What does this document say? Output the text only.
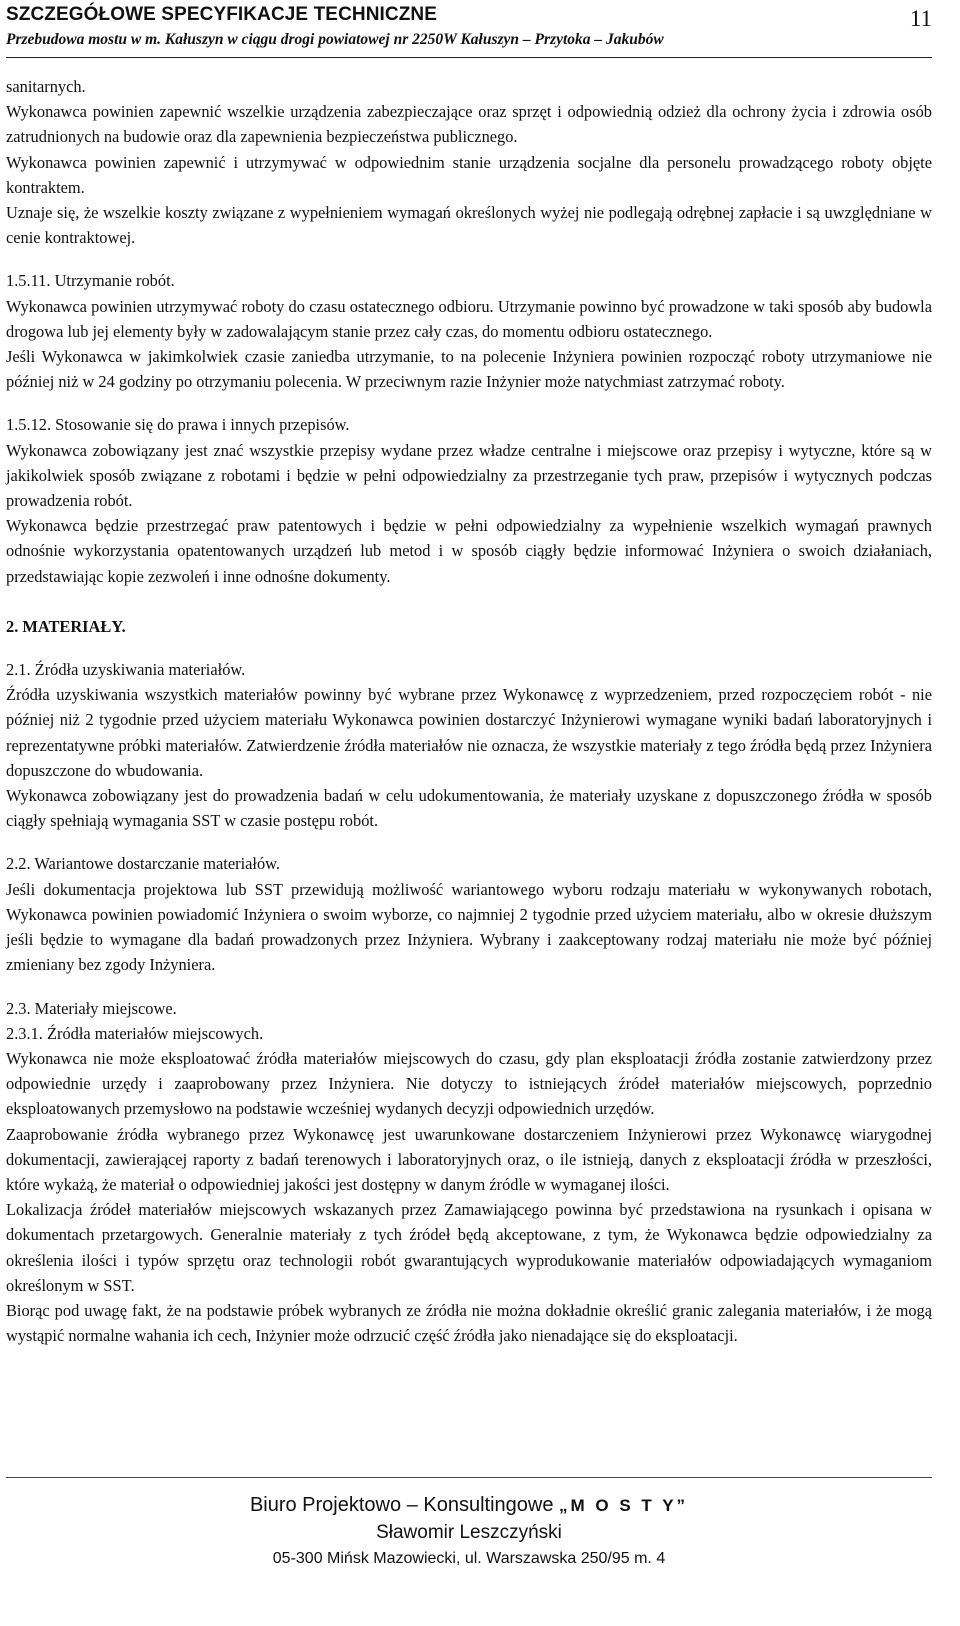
SZCZEGÓŁOWE SPECYFIKACJE TECHNICZNE
Przebudowa mostu w m. Kałuszyn w ciągu drogi powiatowej nr 2250W Kałuszyn – Przytoka – Jakubów
11

sanitarnych.

Wykonawca powinien zapewnić wszelkie urządzenia zabezpieczające oraz sprzęt i odpowiednią odzież dla ochrony życia i zdrowia osób zatrudnionych na budowie oraz dla zapewnienia bezpieczeństwa publicznego.

Wykonawca powinien zapewnić i utrzymywać w odpowiednim stanie urządzenia socjalne dla personelu prowadzącego roboty objęte kontraktem.

Uznaje się, że wszelkie koszty związane z wypełnieniem wymagań określonych wyżej nie podlegają odrębnej zapłacie i są uwzględniane w cenie kontraktowej.

1.5.11. Utrzymanie robót.

Wykonawca powinien utrzymywać roboty do czasu ostatecznego odbioru. Utrzymanie powinno być prowadzone w taki sposób aby budowla drogowa lub jej elementy były w zadowalającym stanie przez cały czas, do momentu odbioru ostatecznego.

Jeśli Wykonawca w jakimkolwiek czasie zaniedba utrzymanie, to na polecenie Inżyniera powinien rozpocząć roboty utrzymaniowe nie później niż w 24 godziny po otrzymaniu polecenia. W przeciwnym razie Inżynier może natychmiast zatrzymać roboty.

1.5.12. Stosowanie się do prawa i innych przepisów.

Wykonawca zobowiązany jest znać wszystkie przepisy wydane przez władze centralne i miejscowe oraz przepisy i wytyczne, które są w jakikolwiek sposób związane z robotami i będzie w pełni odpowiedzialny za przestrzeganie tych praw, przepisów i wytycznych podczas prowadzenia robót.

Wykonawca będzie przestrzegać praw patentowych i będzie w pełni odpowiedzialny za wypełnienie wszelkich wymagań prawnych odnośnie wykorzystania opatentowanych urządzeń lub metod i w sposób ciągły będzie informować Inżyniera o swoich działaniach, przedstawiając kopie zezwoleń i inne odnośne dokumenty.

2. MATERIAŁY.
2.1. Źródła uzyskiwania materiałów.

Źródła uzyskiwania wszystkich materiałów powinny być wybrane przez Wykonawcę z wyprzedzeniem, przed rozpoczęciem robót - nie później niż 2 tygodnie przed użyciem materiału Wykonawca powinien dostarczyć Inżynierowi wymagane wyniki badań laboratoryjnych i reprezentatywne próbki materiałów. Zatwierdzenie źródła materiałów nie oznacza, że wszystkie materiały z tego źródła będą przez Inżyniera dopuszczone do wbudowania.

Wykonawca zobowiązany jest do prowadzenia badań w celu udokumentowania, że materiały uzyskane z dopuszczonego źródła w sposób ciągły spełniają wymagania SST w czasie postępu robót.

2.2. Wariantowe dostarczanie materiałów.

Jeśli dokumentacja projektowa lub SST przewidują możliwość wariantowego wyboru rodzaju materiału w wykonywanych robotach, Wykonawca powinien powiadomić Inżyniera o swoim wyborze, co najmniej 2 tygodnie przed użyciem materiału, albo w okresie dłuższym jeśli będzie to wymagane dla badań prowadzonych przez Inżyniera. Wybrany i zaakceptowany rodzaj materiału nie może być później zmieniany bez zgody Inżyniera.

2.3. Materiały miejscowe.
2.3.1. Źródła materiałów miejscowych.

Wykonawca nie może eksploatować źródła materiałów miejscowych do czasu, gdy plan eksploatacji źródła zostanie zatwierdzony przez odpowiednie urzędy i zaaprobowany przez Inżyniera. Nie dotyczy to istniejących źródeł materiałów miejscowych, poprzednio eksploatowanych przemysłowo na podstawie wcześniej wydanych decyzji odpowiednich urzędów.

Zaaprobowanie źródła wybranego przez Wykonawcę jest uwarunkowane dostarczeniem Inżynierowi przez Wykonawcę wiarygodnej dokumentacji, zawierającej raporty z badań terenowych i laboratoryjnych oraz, o ile istnieją, danych z eksploatacji źródła w przeszłości, które wykażą, że materiał o odpowiedniej jakości jest dostępny w danym źródle w wymaganej ilości.

Lokalizacja źródeł materiałów miejscowych wskazanych przez Zamawiającego powinna być przedstawiona na rysunkach i opisana w dokumentach przetargowych. Generalnie materiały z tych źródeł będą akceptowane, z tym, że Wykonawca będzie odpowiedzialny za określenia ilości i typów sprzętu oraz technologii robót gwarantujących wyprodukowanie materiałów odpowiadających wymaganiom określonym w SST.

Biorąc pod uwagę fakt, że na podstawie próbek wybranych ze źródła nie można dokładnie określić granic zalegania materiałów, i że mogą wystąpić normalne wahania ich cech, Inżynier może odrzucić część źródła jako nienadające się do eksploatacji.

Biuro Projektowo – Konsultingowe „M O S T Y”
Sławomir Leszczyński
05-300 Mińsk Mazowiecki, ul. Warszawska 250/95 m. 4
